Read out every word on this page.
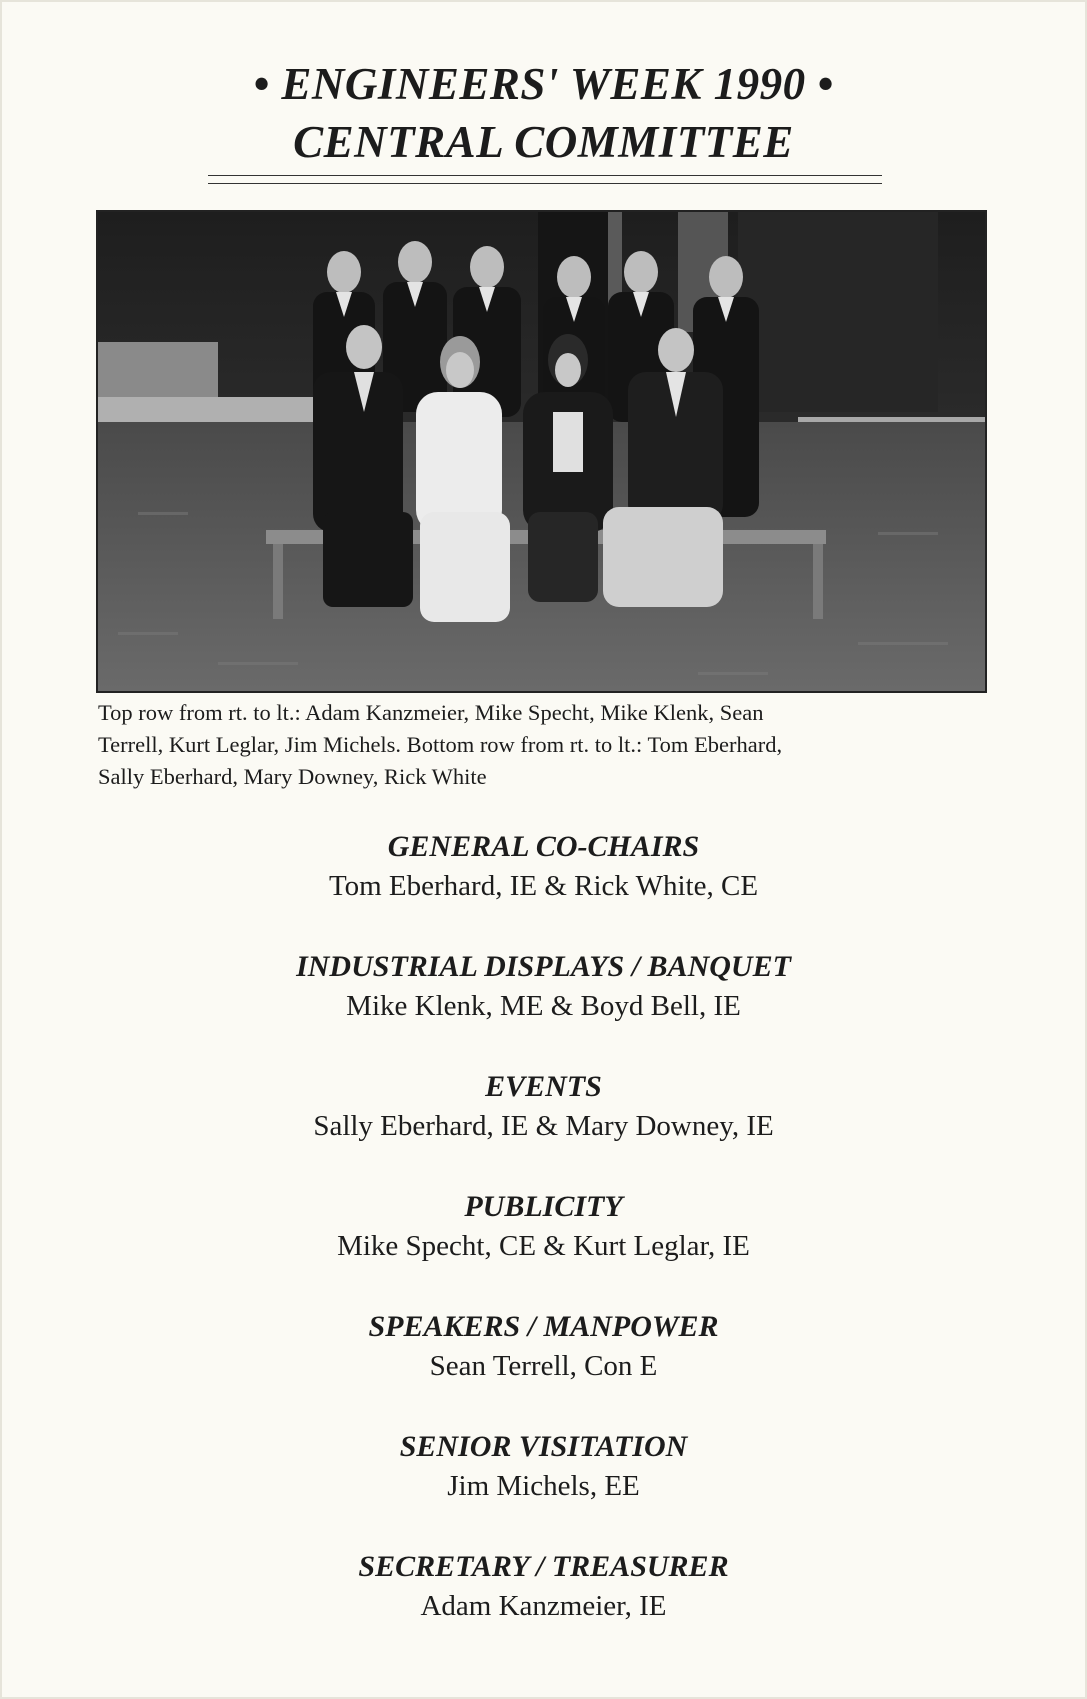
• ENGINEERS' WEEK 1990 •
CENTRAL COMMITTEE
Top row from rt. to lt.: Adam Kanzmeier, Mike Specht, Mike Klenk, Sean
Terrell, Kurt Leglar, Jim Michels. Bottom row from rt. to lt.: Tom Eberhard,
Sally Eberhard, Mary Downey, Rick White
GENERAL CO-CHAIRS
Tom Eberhard, IE & Rick White, CE
INDUSTRIAL DISPLAYS / BANQUET
Mike Klenk, ME & Boyd Bell, IE
EVENTS
Sally Eberhard, IE & Mary Downey, IE
PUBLICITY
Mike Specht, CE & Kurt Leglar, IE
SPEAKERS / MANPOWER
Sean Terrell, Con E
SENIOR VISITATION
Jim Michels, EE
SECRETARY / TREASURER
Adam Kanzmeier, IE
